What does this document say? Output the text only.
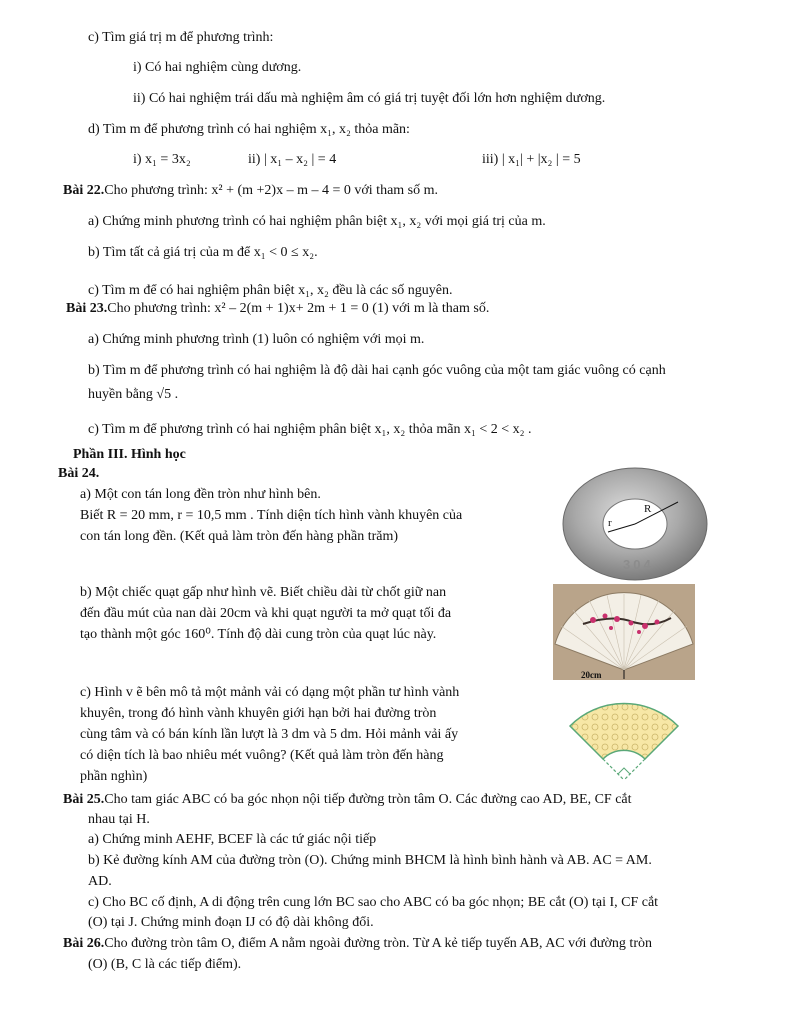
c) Tìm giá trị m để phương trình:
i) Có hai nghiệm cùng dương.
ii) Có hai nghiệm trái dấu mà nghiệm âm có giá trị tuyệt đối lớn hơn nghiệm dương.
d) Tìm m để phương trình có hai nghiệm x₁, x₂ thỏa mãn:
i) x₁ = 3x₂	ii) | x₁ – x₂ | = 4	iii) | x₁| + |x₂ | = 5
Bài 22.Cho phương trình: x² + (m +2)x – m – 4 = 0 với tham số m.
a) Chứng minh phương trình có hai nghiệm phân biệt x₁, x₂ với mọi giá trị của m.
b) Tìm tất cả giá trị của m để x₁ < 0 ≤ x₂.
c) Tìm m để có hai nghiệm phân biệt x₁, x₂ đều là các số nguyên.
Bài 23.Cho phương trình: x² – 2(m + 1)x+ 2m + 1 = 0 (1) với m là tham số.
a) Chứng minh phương trình (1) luôn có nghiệm với mọi m.
b) Tìm m để phương trình có hai nghiệm là độ dài hai cạnh góc vuông của một tam giác vuông có cạnh
huyền bằng √5 .
c) Tìm m để phương trình có hai nghiệm phân biệt x₁, x₂ thỏa mãn x₁ < 2 < x₂ .
Phần III. Hình học
Bài 24.
a) Một con tán long đền tròn như hình bên.
Biết R = 20 mm, r = 10,5 mm . Tính diện tích hình vành khuyên của
con tán long đền. (Kết quả làm tròn đến hàng phần trăm)
b) Một chiếc quạt gấp như hình vẽ. Biết chiều dài từ chốt giữ nan
đến đầu mút của nan dài 20cm và khi quạt người ta mở quạt tối đa
tạo thành một góc 160⁰. Tính độ dài cung tròn của quạt lúc này.
c) Hình v ẽ bên mô tả một mảnh vải có dạng một phần tư hình vành
khuyên, trong đó hình vành khuyên giới hạn bởi hai đường tròn
cùng tâm và có bán kính lần lượt là 3 dm và 5 dm. Hỏi mảnh vải ấy
có diện tích là bao nhiêu mét vuông? (Kết quả làm tròn đến hàng
phần nghìn)
Bài 25.Cho tam giác ABC có ba góc nhọn nội tiếp đường tròn tâm O. Các đường cao AD, BE, CF cắt
nhau tại H.
a) Chứng minh AEHF, BCEF là các tứ giác nội tiếp
b) Kẻ đường kính AM của đường tròn (O). Chứng minh BHCM là hình bình hành và AB. AC = AM.
AD.
c) Cho BC cố định, A di động trên cung lớn BC sao cho ABC có ba góc nhọn; BE cắt (O) tại I, CF cắt
(O) tại J. Chứng minh đoạn IJ có độ dài không đổi.
Bài 26.Cho đường tròn tâm O, điểm A nằm ngoài đường tròn. Từ A kẻ tiếp tuyến AB, AC với đường tròn
(O) (B, C là các tiếp điểm).
R
r
304
20cm
